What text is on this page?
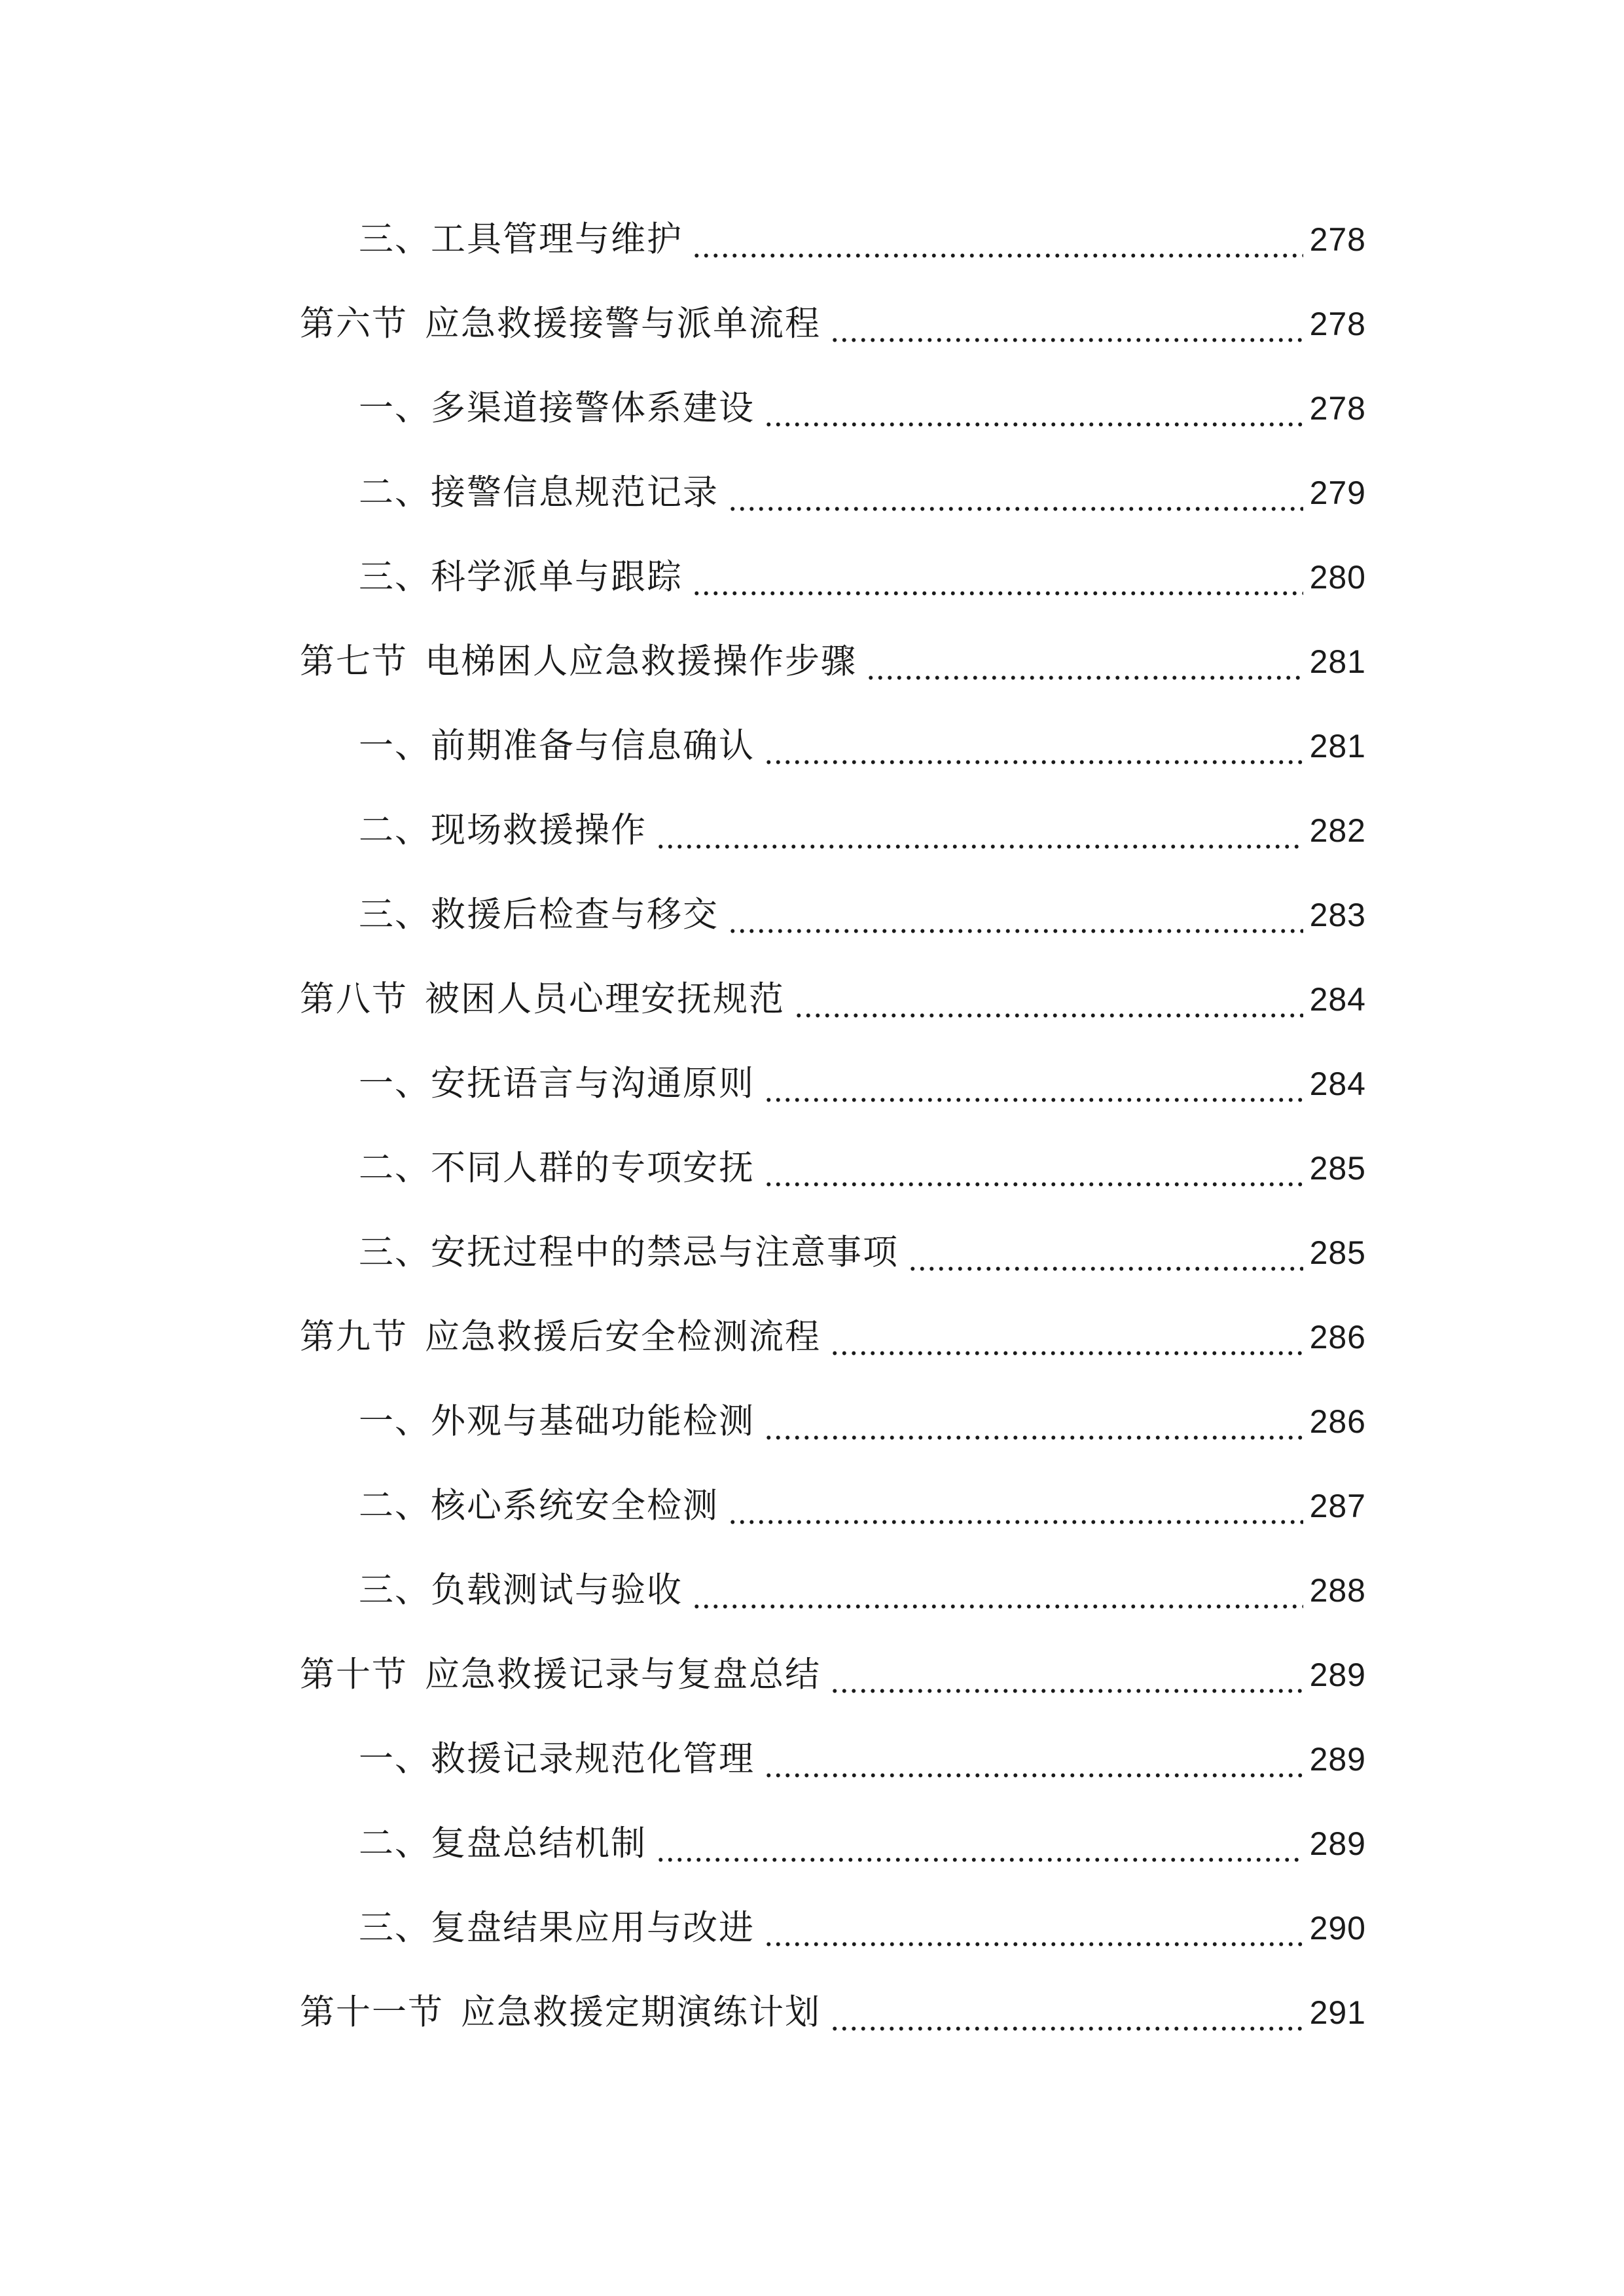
三、工具管理与维护	278
第六节 应急救援接警与派单流程	278
一、多渠道接警体系建设	278
二、接警信息规范记录	279
三、科学派单与跟踪	280
第七节 电梯困人应急救援操作步骤	281
一、前期准备与信息确认	281
二、现场救援操作	282
三、救援后检查与移交	283
第八节 被困人员心理安抚规范	284
一、安抚语言与沟通原则	284
二、不同人群的专项安抚	285
三、安抚过程中的禁忌与注意事项	285
第九节 应急救援后安全检测流程	286
一、外观与基础功能检测	286
二、核心系统安全检测	287
三、负载测试与验收	288
第十节 应急救援记录与复盘总结	289
一、救援记录规范化管理	289
二、复盘总结机制	289
三、复盘结果应用与改进	290
第十一节 应急救援定期演练计划	291
